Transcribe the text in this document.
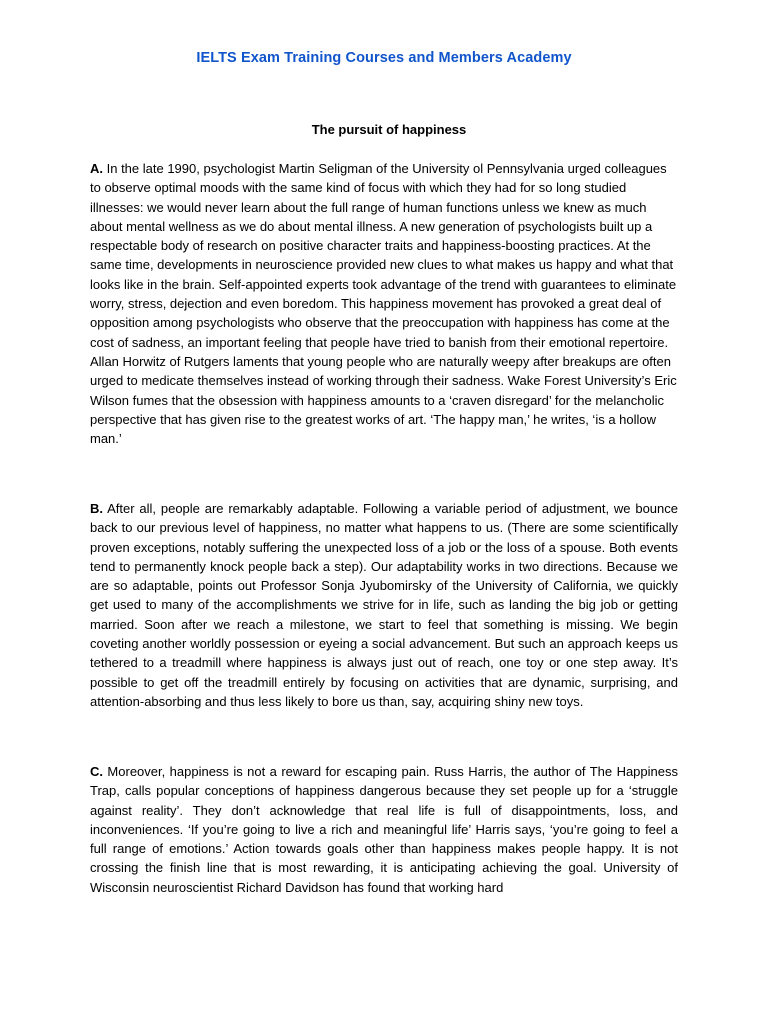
IELTS Exam Training Courses and Members Academy
The pursuit of happiness

A. In the late 1990, psychologist Martin Seligman of the University ol Pennsylvania urged colleagues to observe optimal moods with the same kind of focus with which they had for so long studied illnesses: we would never learn about the full range of human functions unless we knew as much about mental wellness as we do about mental illness. A new generation of psychologists built up a respectable body of research on positive character traits and happiness-boosting practices. At the same time, developments in neuroscience provided new clues to what makes us happy and what that looks like in the brain. Self-appointed experts took advantage of the trend with guarantees to eliminate worry, stress, dejection and even boredom. This happiness movement has provoked a great deal of opposition among psychologists who observe that the preoccupation with happiness has come at the cost of sadness, an important feeling that people have tried to banish from their emotional repertoire. Allan Horwitz of Rutgers laments that young people who are naturally weepy after breakups are often urged to medicate themselves instead of working through their sadness. Wake Forest University’s Eric Wilson fumes that the obsession with happiness amounts to a ‘craven disregard’ for the melancholic perspective that has given rise to the greatest works of art. ‘The happy man,’ he writes, ‘is a hollow man.’

B. After all, people are remarkably adaptable. Following a variable period of adjustment, we bounce back to our previous level of happiness, no matter what happens to us. (There are some scientifically proven exceptions, notably suffering the unexpected loss of a job or the loss of a spouse. Both events tend to permanently knock people back a step). Our adaptability works in two directions. Because we are so adaptable, points out Professor Sonja Jyubomirsky of the University of California, we quickly get used to many of the accomplishments we strive for in life, such as landing the big job or getting married. Soon after we reach a milestone, we start to feel that something is missing. We begin coveting another worldly possession or eyeing a social advancement. But such an approach keeps us tethered to a treadmill where happiness is always just out of reach, one toy or one step away. It’s possible to get off the treadmill entirely by focusing on activities that are dynamic, surprising, and attention-absorbing and thus less likely to bore us than, say, acquiring shiny new toys.

C. Moreover, happiness is not a reward for escaping pain. Russ Harris, the author of The Happiness Trap, calls popular conceptions of happiness dangerous because they set people up for a ‘struggle against reality’. They don’t acknowledge that real life is full of disappointments, loss, and inconveniences. ‘If you’re going to live a rich and meaningful life’ Harris says, ‘you’re going to feel a full range of emotions.’ Action towards goals other than happiness makes people happy. It is not crossing the finish line that is most rewarding, it is anticipating achieving the goal. University of Wisconsin neuroscientist Richard Davidson has found that working hard
